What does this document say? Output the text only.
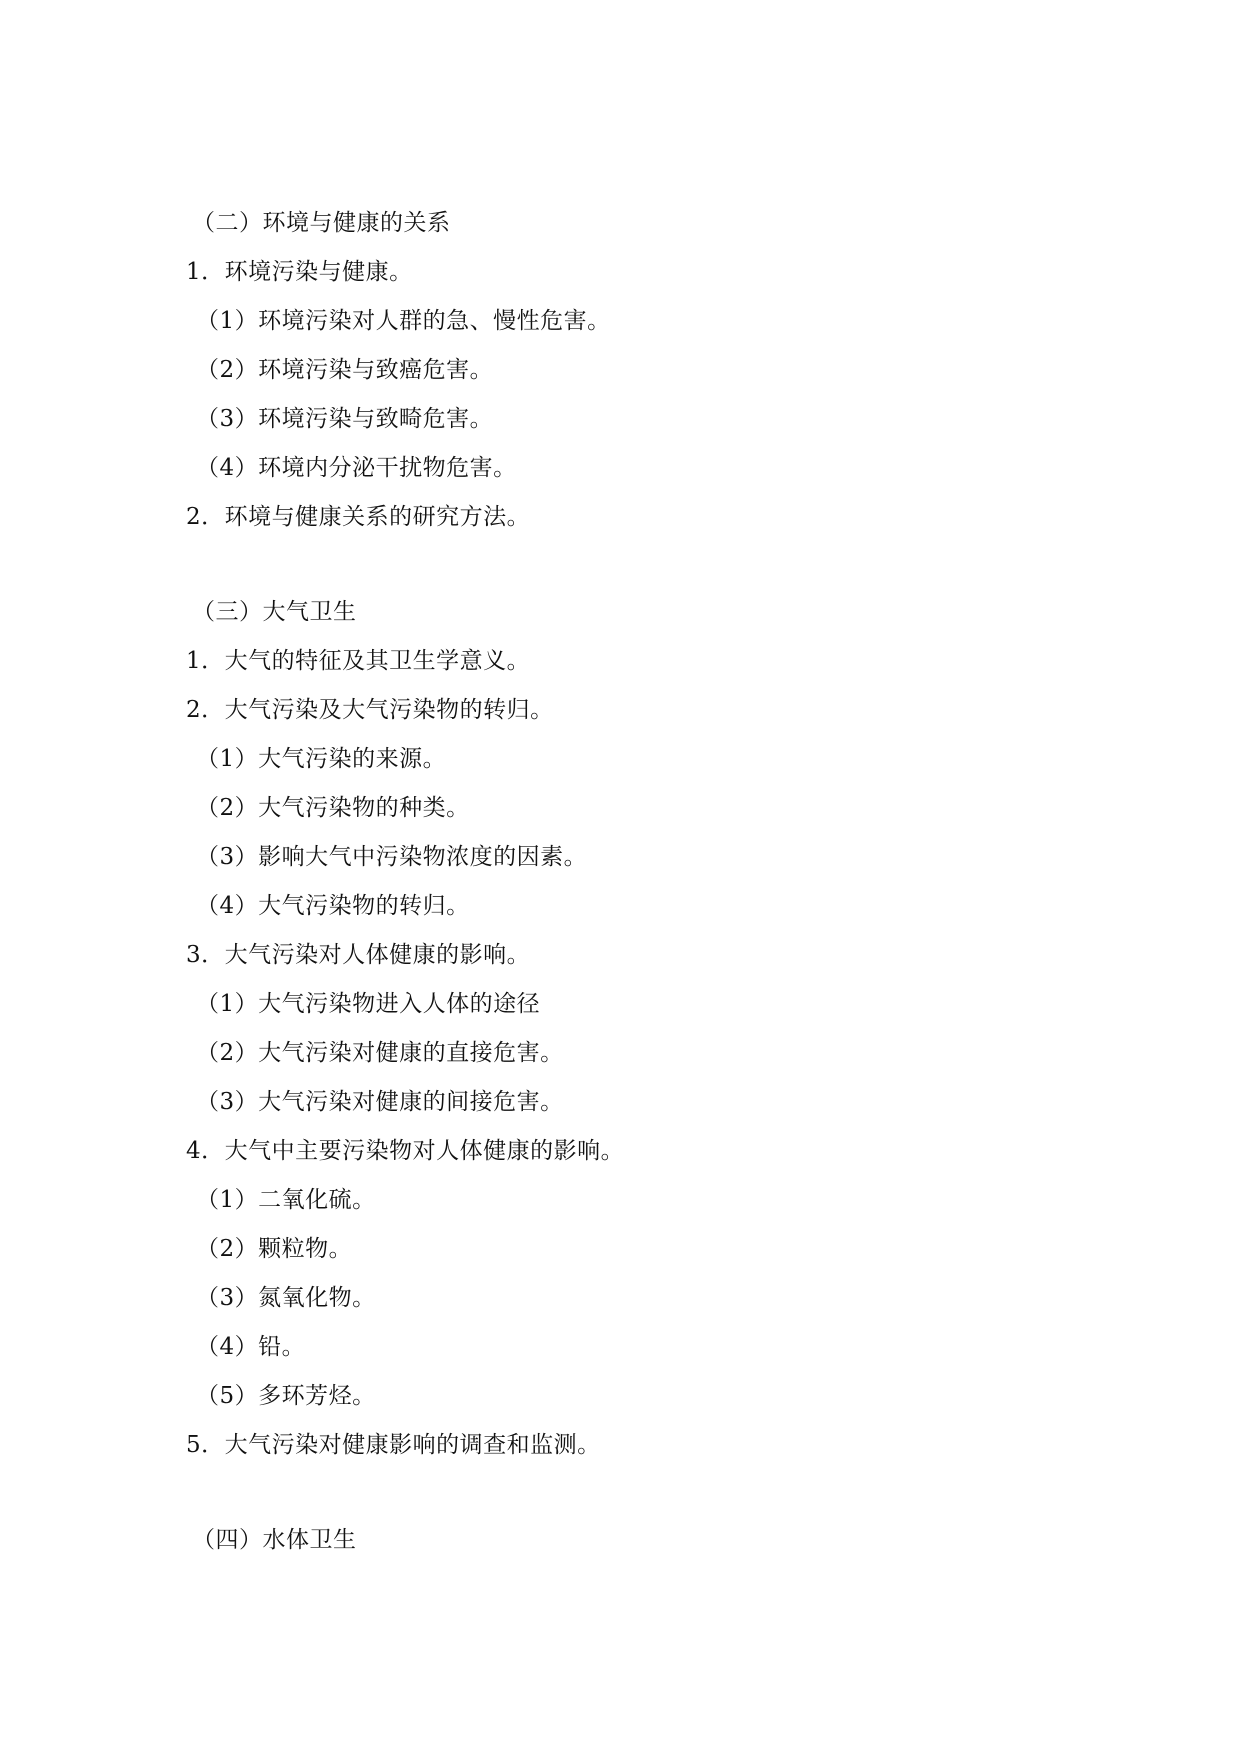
（二）环境与健康的关系
1．环境污染与健康。
（1）环境污染对人群的急、慢性危害。
（2）环境污染与致癌危害。
（3）环境污染与致畸危害。
（4）环境内分泌干扰物危害。
2．环境与健康关系的研究方法。
（三）大气卫生
1．大气的特征及其卫生学意义。
2．大气污染及大气污染物的转归。
（1）大气污染的来源。
（2）大气污染物的种类。
（3）影响大气中污染物浓度的因素。
（4）大气污染物的转归。
3．大气污染对人体健康的影响。
（1）大气污染物进入人体的途径
（2）大气污染对健康的直接危害。
（3）大气污染对健康的间接危害。
4．大气中主要污染物对人体健康的影响。
（1）二氧化硫。
（2）颗粒物。
（3）氮氧化物。
（4）铅。
（5）多环芳烃。
5．大气污染对健康影响的调查和监测。
（四）水体卫生
